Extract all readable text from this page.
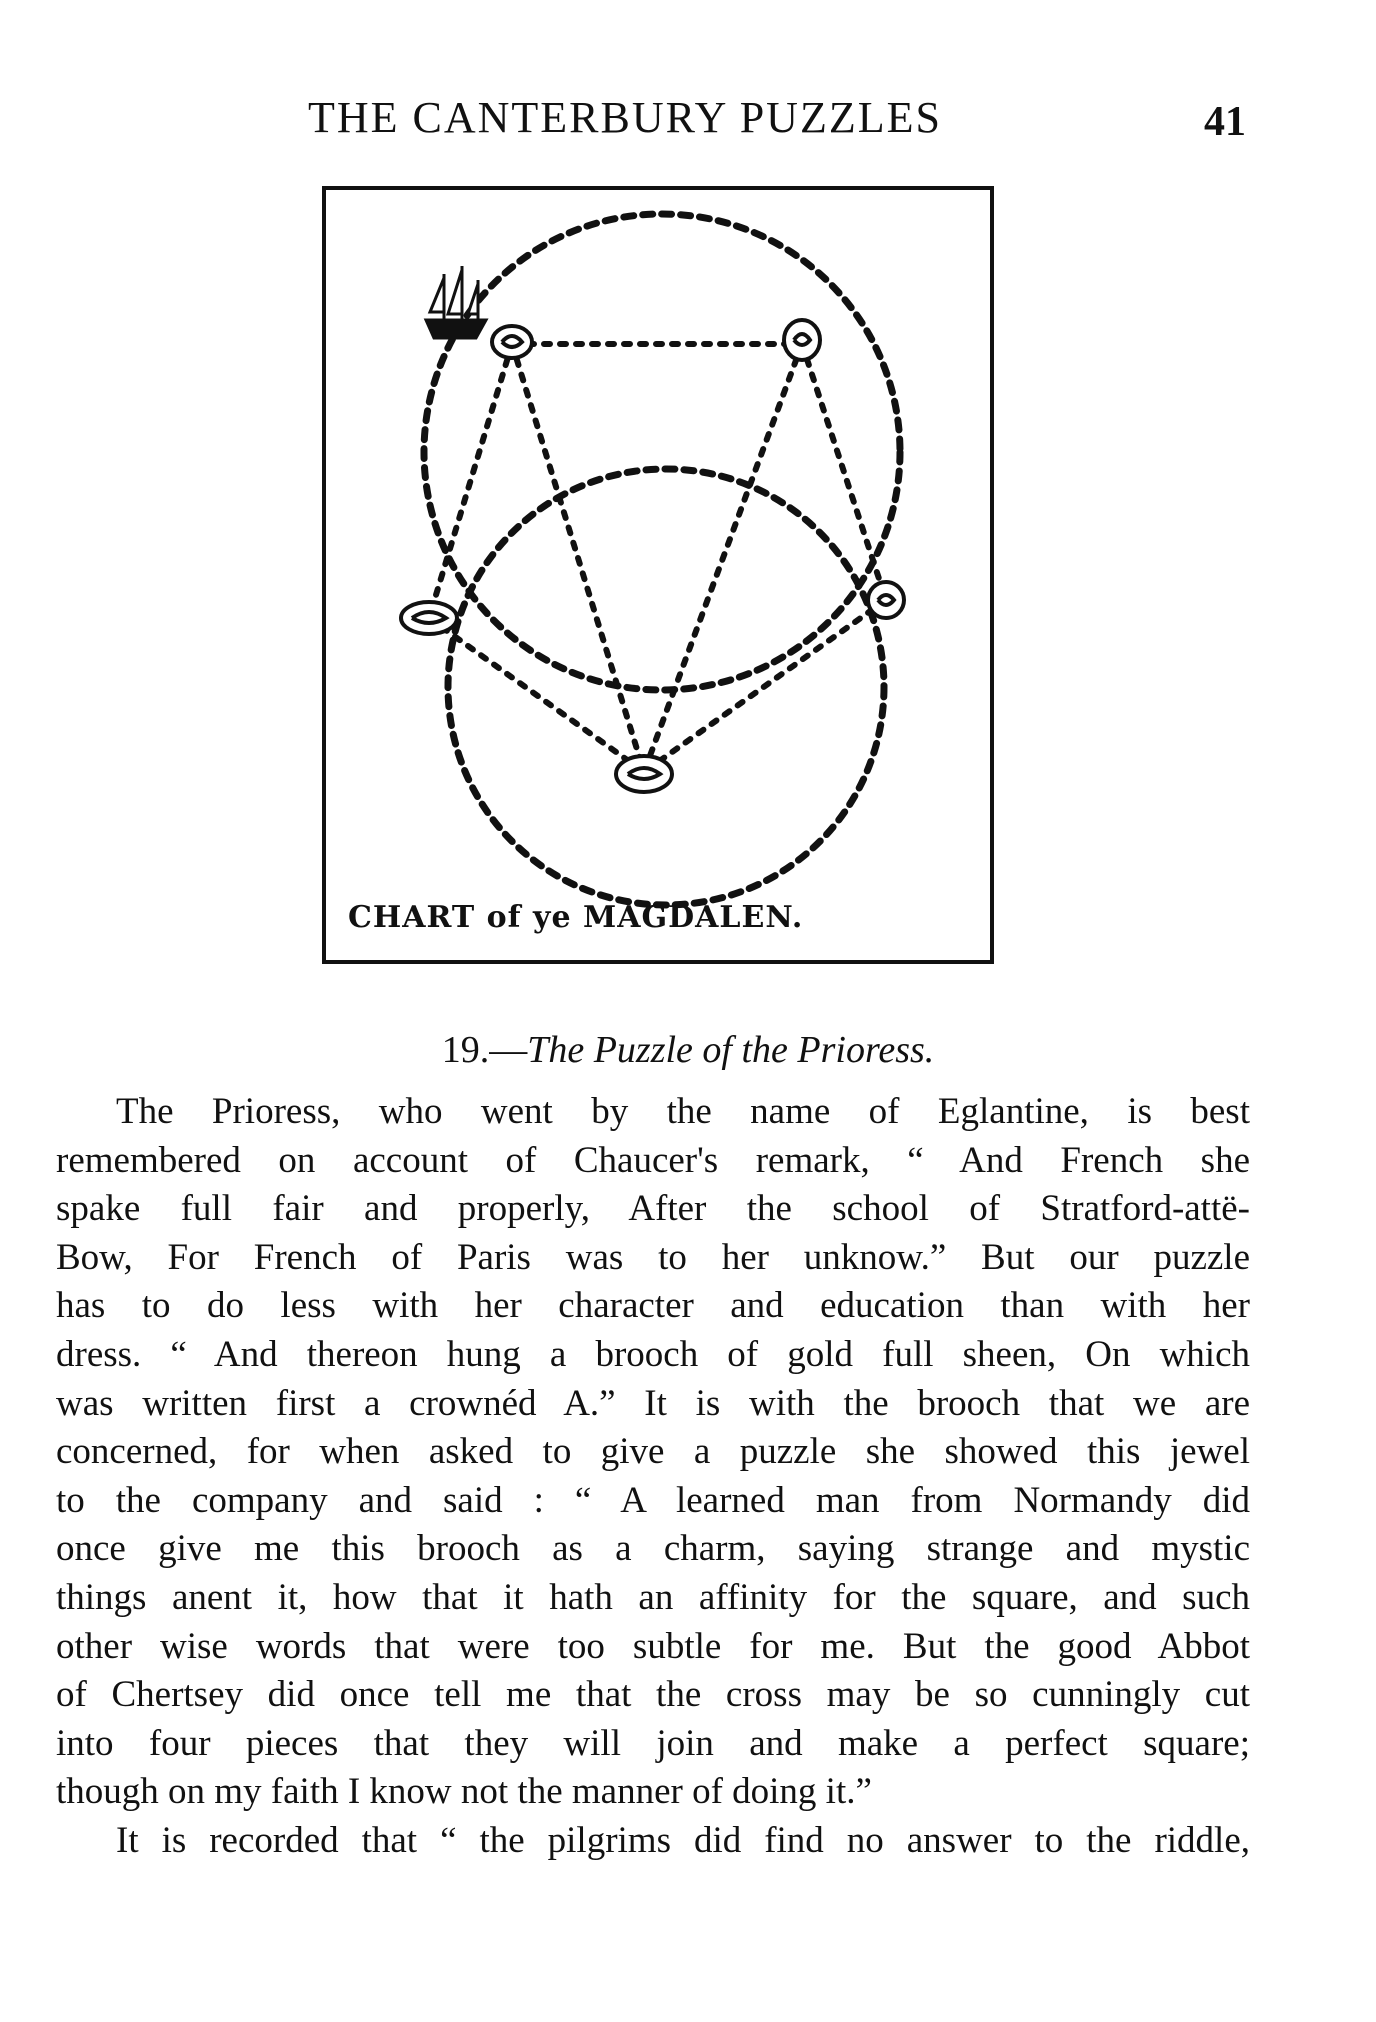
THE CANTERBURY PUZZLES	41
CHART of ye MAGDALEN.
19.—The Puzzle of the Prioress.
The Prioress, who went by the name of Eglantine, is best
remembered on account of Chaucer's remark, “ And French she
spake full fair and properly, After the school of Stratford-attë-
Bow, For French of Paris was to her unknow.” But our puzzle
has to do less with her character and education than with her
dress. “ And thereon hung a brooch of gold full sheen, On which
was written first a crownéd A.” It is with the brooch that we are
concerned, for when asked to give a puzzle she showed this jewel
to the company and said : “ A learned man from Normandy did
once give me this brooch as a charm, saying strange and mystic
things anent it, how that it hath an affinity for the square, and such
other wise words that were too subtle for me. But the good Abbot
of Chertsey did once tell me that the cross may be so cunningly cut
into four pieces that they will join and make a perfect square;
though on my faith I know not the manner of doing it.”
It is recorded that “ the pilgrims did find no answer to the riddle,
